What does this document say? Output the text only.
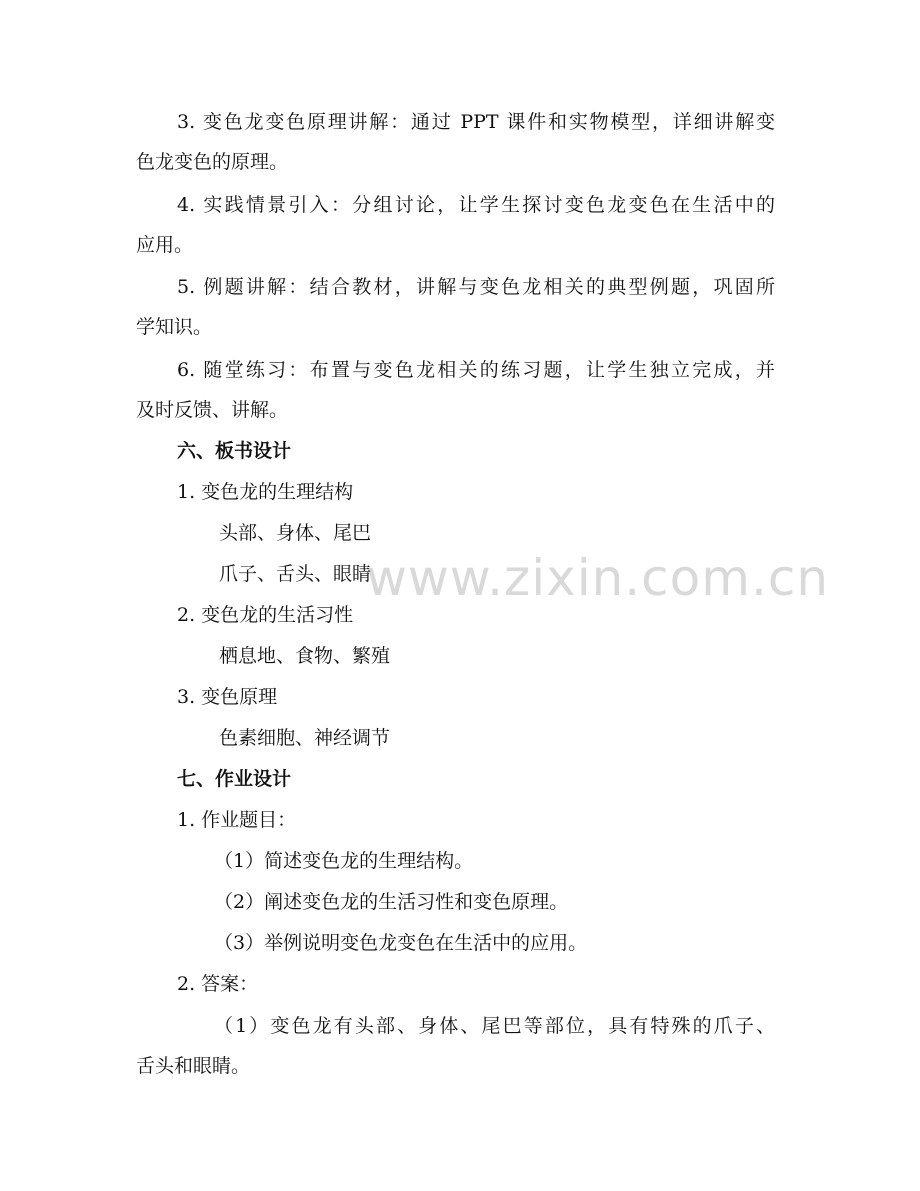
www.zixin.com.cn
3. 变色龙变色原理讲解：通过 PPT 课件和实物模型，详细讲解变
色龙变色的原理。
4. 实践情景引入：分组讨论，让学生探讨变色龙变色在生活中的
应用。
5. 例题讲解：结合教材，讲解与变色龙相关的典型例题，巩固所
学知识。
6. 随堂练习：布置与变色龙相关的练习题，让学生独立完成，并
及时反馈、讲解。
六、板书设计
1. 变色龙的生理结构
头部、身体、尾巴
爪子、舌头、眼睛
2. 变色龙的生活习性
栖息地、食物、繁殖
3. 变色原理
色素细胞、神经调节
七、作业设计
1. 作业题目：
（1）简述变色龙的生理结构。
（2）阐述变色龙的生活习性和变色原理。
（3）举例说明变色龙变色在生活中的应用。
2. 答案：
（1）变色龙有头部、身体、尾巴等部位，具有特殊的爪子、
舌头和眼睛。
